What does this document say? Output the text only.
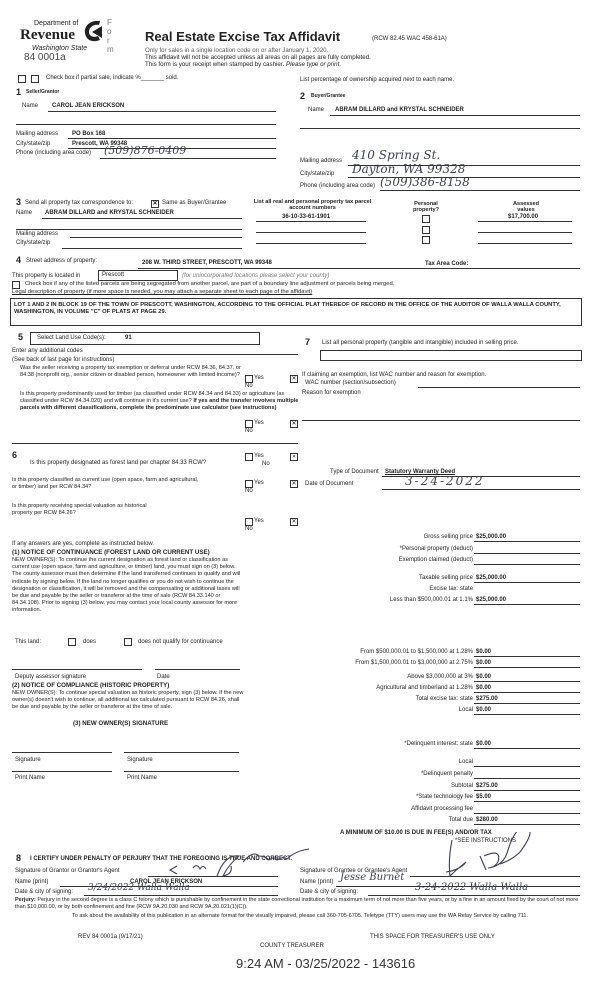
Department of
Revenue
Washington State
F
o
r
m
84 0001a
Real Estate Excise Tax Affidavit	(RCW 82.45 WAC 458-61A)
Only for sales in a single location code on or after January 1, 2020.
This affidavit will not be accepted unless all areas on all pages are fully completed.
This form is your receipt when stamped by cashier. Please type or print.
Check box if partial sale, indicate %_______ sold.	List percentage of ownership acquired next to each name.
1 Seller/Grantor
Name CAROL JEAN ERICKSON
Mailing address PO Box 168
City/state/zip	Prescott, WA 99348
Phone (including area code) (509)876-0409
2 Buyer/Grantee
Name ABRAM DILLARD and KRYSTAL SCHNEIDER
Mailing address 410 Spring St.
City/state/zip Dayton, WA 99328
Phone (including area code) (509)386-8158
3 Send all property tax correspondence to:	✕ Same as Buyer/Grantee
Name ABRAM DILLARD and KRYSTAL SCHNEIDER
Mailing address
City/state/zip
List all real and personal property tax parcel account numbers
36-10-33-61-1901
Personal property?
Assessed values
$17,700.00
4 Street address of property:	208 W. THIRD STREET, PRESCOTT, WA 99348	Tax Area Code:
This property is located in	Prescott	(for unincorporated locations please select your county)
Check box if any of the listed parcels are being segregated from another parcel, are part of a boundary line adjustment or parcels being merged.
Legal description of property (if more space is needed, you may attach a separate sheet to each page of the affidavit)
LOT 1 AND 2 IN BLOCK 19 OF THE TOWN OF PRESCOTT, WASHINGTON, ACCORDING TO THE OFFICIAL PLAT THEREOF OF RECORD IN THE OFFICE OF THE AUDITOR OF WALLA WALLA COUNTY, WASHINGTON, IN VOLUME "C" OF PLATS AT PAGE 29.
5 Select Land Use Code(s):	91
Enter any additional codes
(See back of last page for instructions)
Was the seller receiving a property tax exemption or deferral under RCW 84.36, 84.37, or 84.38 (nonprofit org., senior citizen or disabled person, homeowner with limited income)?	Yes
No
✕
Is this property predominantly used for timber (as classified under RCW 84.34 and 84.33) or agriculture (as classified under RCW 84.34.020) and will continue in it's current use? If yes and the transfer involves multiple parcels with different classifications, complete the predominate use calculator (see instructions)
Yes
No
✕
7 List all personal property (tangible and intangible) included in selling price.
If claiming an exemption, list WAC number and reason for exemption.
WAC number (section/subsection)
Reason for exemption
6
Is this property designated as forest land per chapter 84.33 RCW?
Yes
No
✕
Is this property classified as current use (open space, farm and agricultural, or timber) land per RCW 84.34?
Yes
No
✕
Is this property receiving special valuation as historical property per RCW 84.26?
Yes
No
✕
If any answers are yes, complete as instructed below.
(1) NOTICE OF CONTINUANCE (FOREST LAND OR CURRENT USE)
NEW OWNER(S): To continue the current designation as forest land or classification as current use (open space, farm and agriculture, or timber) land, you must sign on (3) below. The county assessor must then determine if the land transferred continues to qualify and will indicate by signing below. If the land no longer qualifies or you do not wish to continue the designation or classification, it will be removed and the compensating or additional taxes will be due and payable by the seller or transferor at the time of sale (RCW 84.33.140 or 84.34.108). Prior to signing (3) below, you may contact your local county assessor for more information.
This land:	does	does not qualify for continuance
Deputy assessor signature	Date
(2) NOTICE OF COMPLIANCE (HISTORIC PROPERTY)
NEW OWNER(S): To continue special valuation as historic property, sign (3) below. If the new owner(s) doesn't wish to continue, all additional tax calculated pursuant to RCW 84.26, shall be due and payable by the seller or transferor at the time of sale.
(3) NEW OWNER(S) SIGNATURE
Signature	Signature
Print Name	Print Name
Type of Document Statutory Warranty Deed
Date of Document	3-24-2022
Gross selling price $25,000.00
*Personal property (deduct)
Exemption claimed (deduct)
Taxable selling price $25,000.00
Excise tax: state
Less than $500,000.01 at 1.1% $25,000.00
From $500,000.01 to $1,500,000 at 1.28% $0.00
From $1,500,000.01 to $3,000,000 at 2.75% $0.00
Above $3,000,000 at 3% $0.00
Agricultural and timberland at 1.28% $0.00
Total excise tax: state $275.00
Local $0.00
*Delinquent interest: state $0.00
Local
*Delinquent penalty
Subtotal $275.00
*State technology fee $5.00
Affidavit processing fee
Total due $280.00
A MINIMUM OF $10.00 IS DUE IN FEE(S) AND/OR TAX
*SEE INSTRUCTIONS
8 I CERTIFY UNDER PENALTY OF PERJURY THAT THE FOREGOING IS TRUE AND CORRECT.
Signature of Grantor or Grantor's Agent
Name (print)	CAROL JEAN ERICKSON
Date & city of signing: 3/24/2022 Walla Walla
Signature of Grantee or Grantee's Agent
Name (print) Jesse Burnet
Date & city of signing:	3-24-2022 Walla Walla
Perjury: Perjury in the second degree is a class C felony which is punishable by confinement in the state correctional institution for a maximum term of not more than five years, or by a fine in an amount fixed by the court of not more than $10,000.00, or by both confinement and fine (RCW 9A.20.030 and RCW 9A.20.021(1)(C)).
To ask about the availability of this publication in an alternate format for the visually impaired, please call 360-705-6705. Teletype (TTY) users may use the WA Relay Service by calling 711.
REV 84 0001a (9/17/21)	THIS SPACE FOR TREASURER'S USE ONLY
COUNTY TREASURER
9:24 AM - 03/25/2022 - 143616
